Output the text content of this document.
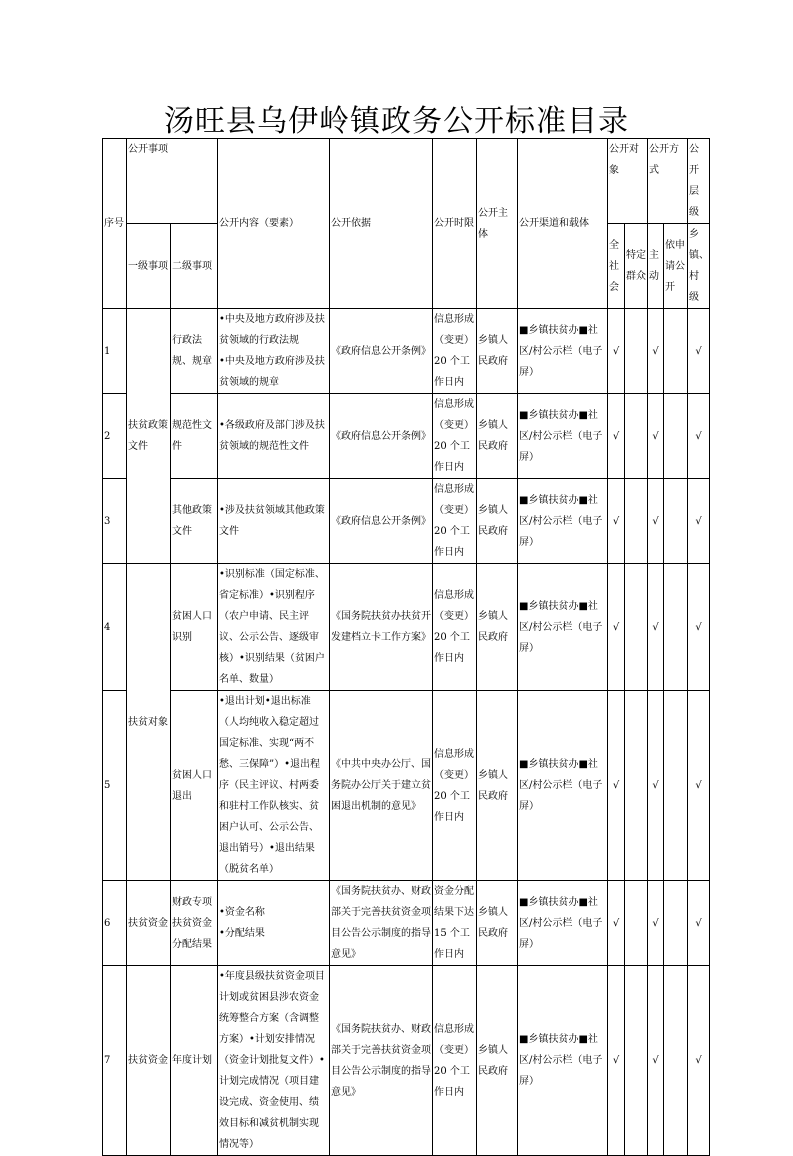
汤旺县乌伊岭镇政务公开标准目录
序号	公开事项		公开内容（要素）	公开依据	公开时限	公开主体	公开渠道和载体	公开对象		公开方式		公开层级
	一级事项	二级事项						全社会	特定群众	主动	依申请公开	乡镇、村级
1	扶贫政策文件	行政法规、规章	•中央及地方政府涉及扶贫领域的行政法规
•中央及地方政府涉及扶贫领域的规章	《政府信息公开条例》	信息形成（变更）20 个工作日内	乡镇人民政府	■乡镇扶贫办■社区/村公示栏（电子屏）	√		√		√
2		规范性文件	•各级政府及部门涉及扶贫领域的规范性文件	《政府信息公开条例》	信息形成（变更）20 个工作日内	乡镇人民政府	■乡镇扶贫办■社区/村公示栏（电子屏）	√		√		√
3		其他政策文件	•涉及扶贫领域其他政策文件	《政府信息公开条例》	信息形成（变更）20 个工作日内	乡镇人民政府	■乡镇扶贫办■社区/村公示栏（电子屏）	√		√		√
4	扶贫对象	贫困人口识别	•识别标准（国定标准、省定标准）•识别程序（农户申请、民主评议、公示公告、逐级审核）•识别结果（贫困户名单、数量）	《国务院扶贫办扶贫开发建档立卡工作方案》	信息形成（变更）20 个工作日内	乡镇人民政府	■乡镇扶贫办■社区/村公示栏（电子屏）	√		√		√
5		贫困人口退出	•退出计划•退出标准（人均纯收入稳定超过国定标准、实现“两不愁、三保障”）•退出程序（民主评议、村两委和驻村工作队核实、贫困户认可、公示公告、退出销号）•退出结果（脱贫名单）	《中共中央办公厅、国务院办公厅关于建立贫困退出机制的意见》	信息形成（变更）20 个工作日内	乡镇人民政府	■乡镇扶贫办■社区/村公示栏（电子屏）	√		√		√
6	扶贫资金	财政专项扶贫资金分配结果	•资金名称
•分配结果	《国务院扶贫办、财政部关于完善扶贫资金项目公告公示制度的指导意见》	资金分配结果下达15 个工作日内	乡镇人民政府	■乡镇扶贫办■社区/村公示栏（电子屏）	√		√		√
7	扶贫资金	年度计划	•年度县级扶贫资金项目计划或贫困县涉农资金统筹整合方案（含调整方案）•计划安排情况（资金计划批复文件）•计划完成情况（项目建设完成、资金使用、绩效目标和减贫机制实现情况等）	《国务院扶贫办、财政部关于完善扶贫资金项目公告公示制度的指导意见》	信息形成（变更）20 个工作日内	乡镇人民政府	■乡镇扶贫办■社区/村公示栏（电子屏）	√		√		√
